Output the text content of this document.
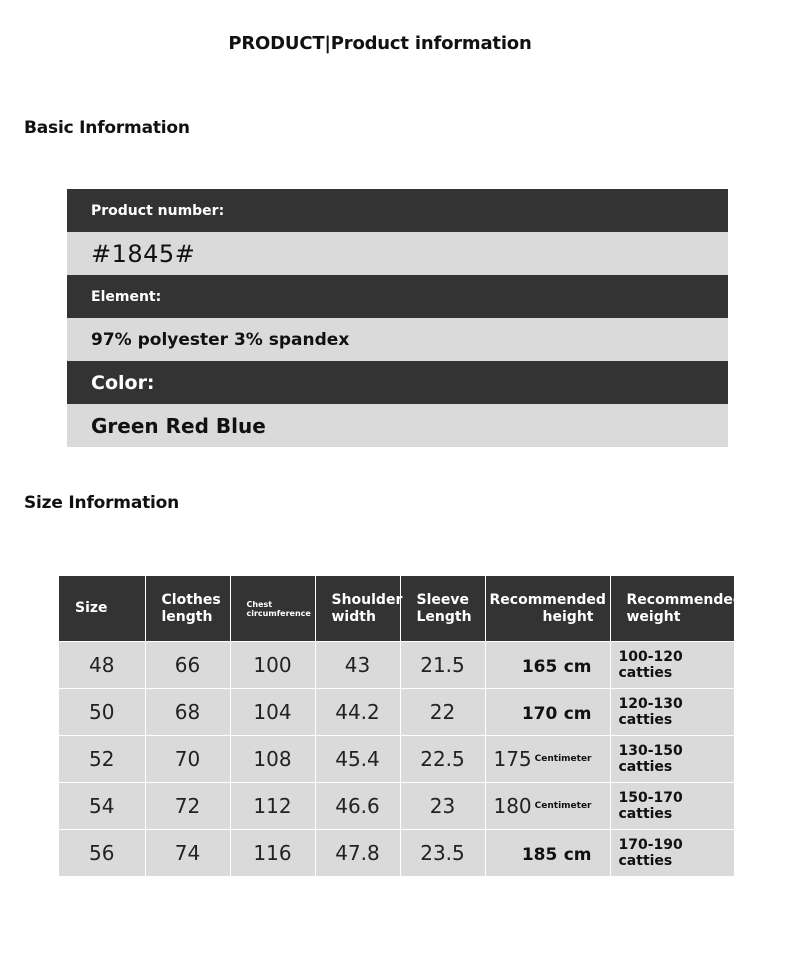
PRODUCT|Product information
Basic Information
Product number:
#1845#
Element:
97% polyester 3% spandex
Color:
Green Red Blue
Size Information
Size	Clothes length	Chest circumference	Shoulder width	Sleeve Length	Recommended height	Recommended weight
48	66	100	43	21.5	165 cm	100-120 catties
50	68	104	44.2	22	170 cm	120-130 catties
52	70	108	45.4	22.5	175 $^{Centimeter}$	130-150 catties
54	72	112	46.6	23	180 $^{Centimeter}$	150-170 catties
56	74	116	47.8	23.5	185 cm	170-190 catties
